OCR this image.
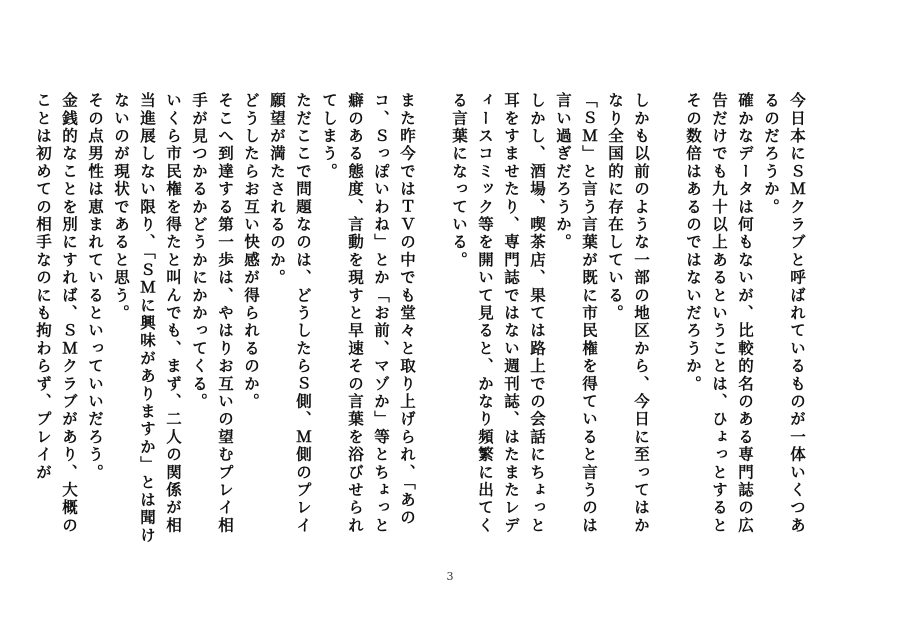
今日本にＳＭクラブと呼ばれているものが一体いくつあるのだろうか。

確かなデータは何もないが、比較的名のある専門誌の広告だけでも九十以上あるということは、ひょっとするとその数倍はあるのではないだろうか。

しかも以前のような一部の地区から、今日に至ってはかなり全国的に存在している。

「ＳＭ」と言う言葉が既に市民権を得ていると言うのは言い過ぎだろうか。

しかし、酒場、喫茶店、果ては路上での会話にちょっと耳をすませたり、専門誌ではない週刊誌、はたまたレディースコミック等を開いて見ると、かなり頻繁に出てくる言葉になっている。

また昨今ではＴＶの中でも堂々と取り上げられ、「あのコ、Ｓっぽいわね」とか「お前、マゾか」等とちょっと癖のある態度、言動を現すと早速その言葉を浴びせられてしまう。

ただここで問題なのは、どうしたらＳ側、Ｍ側のプレイ願望が満たされるのか。

どうしたらお互い快感が得られるのか。

そこへ到達する第一歩は、やはりお互いの望むプレイ相手が見つかるかどうかにかかってくる。

いくら市民権を得たと叫んでも、まず、二人の関係が相当進展しない限り、「ＳＭに興味がありますか」とは聞けないのが現状であると思う。

その点男性は恵まれているといっていいだろう。

金銭的なことを別にすれば、ＳＭクラブがあり、大概のことは初めての相手なのにも拘わらず、プレイが

3
